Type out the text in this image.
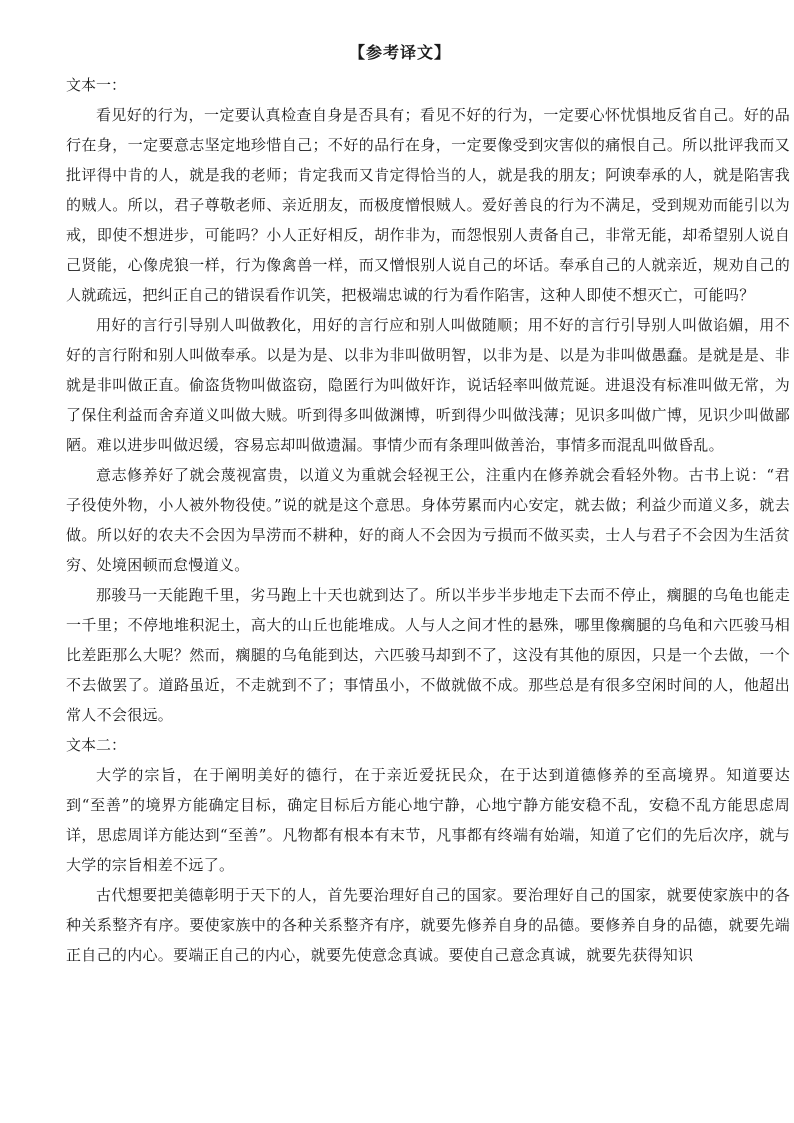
【参考译文】
文本一：

看见好的行为，一定要认真检查自身是否具有；看见不好的行为，一定要心怀忧惧地反省自己。好的品行在身，一定要意志坚定地珍惜自己；不好的品行在身，一定要像受到灾害似的痛恨自己。所以批评我而又批评得中肯的人，就是我的老师；肯定我而又肯定得恰当的人，就是我的朋友；阿谀奉承的人，就是陷害我的贼人。所以，君子尊敬老师、亲近朋友，而极度憎恨贼人。爱好善良的行为不满足，受到规劝而能引以为戒，即使不想进步，可能吗？小人正好相反，胡作非为，而怨恨别人责备自己，非常无能，却希望别人说自己贤能，心像虎狼一样，行为像禽兽一样，而又憎恨别人说自己的坏话。奉承自己的人就亲近，规劝自己的人就疏远，把纠正自己的错误看作讥笑，把极端忠诚的行为看作陷害，这种人即使不想灭亡，可能吗？

用好的言行引导别人叫做教化，用好的言行应和别人叫做随顺；用不好的言行引导别人叫做谄媚，用不好的言行附和别人叫做奉承。以是为是、以非为非叫做明智，以非为是、以是为非叫做愚蠢。是就是是、非就是非叫做正直。偷盗货物叫做盗窃，隐匿行为叫做奸诈，说话轻率叫做荒诞。进退没有标准叫做无常，为了保住利益而舍弃道义叫做大贼。听到得多叫做渊博，听到得少叫做浅薄；见识多叫做广博，见识少叫做鄙陋。难以进步叫做迟缓，容易忘却叫做遗漏。事情少而有条理叫做善治，事情多而混乱叫做昏乱。

意志修养好了就会蔑视富贵，以道义为重就会轻视王公，注重内在修养就会看轻外物。古书上说：“君子役使外物，小人被外物役使。”说的就是这个意思。身体劳累而内心安定，就去做；利益少而道义多，就去做。所以好的农夫不会因为旱涝而不耕种，好的商人不会因为亏损而不做买卖，士人与君子不会因为生活贫穷、处境困顿而怠慢道义。

那骏马一天能跑千里，劣马跑上十天也就到达了。所以半步半步地走下去而不停止，瘸腿的乌龟也能走一千里；不停地堆积泥土，高大的山丘也能堆成。人与人之间才性的悬殊，哪里像瘸腿的乌龟和六匹骏马相比差距那么大呢？然而，瘸腿的乌龟能到达，六匹骏马却到不了，这没有其他的原因，只是一个去做，一个不去做罢了。道路虽近，不走就到不了；事情虽小，不做就做不成。那些总是有很多空闲时间的人，他超出常人不会很远。

文本二：

大学的宗旨，在于阐明美好的德行，在于亲近爱抚民众，在于达到道德修养的至高境界。知道要达到“至善”的境界方能确定目标，确定目标后方能心地宁静，心地宁静方能安稳不乱，安稳不乱方能思虑周详，思虑周详方能达到“至善”。凡物都有根本有末节，凡事都有终端有始端，知道了它们的先后次序，就与大学的宗旨相差不远了。

古代想要把美德彰明于天下的人，首先要治理好自己的国家。要治理好自己的国家，就要使家族中的各种关系整齐有序。要使家族中的各种关系整齐有序，就要先修养自身的品德。要修养自身的品德，就要先端正自己的内心。要端正自己的内心，就要先使意念真诚。要使自己意念真诚，就要先获得知识
